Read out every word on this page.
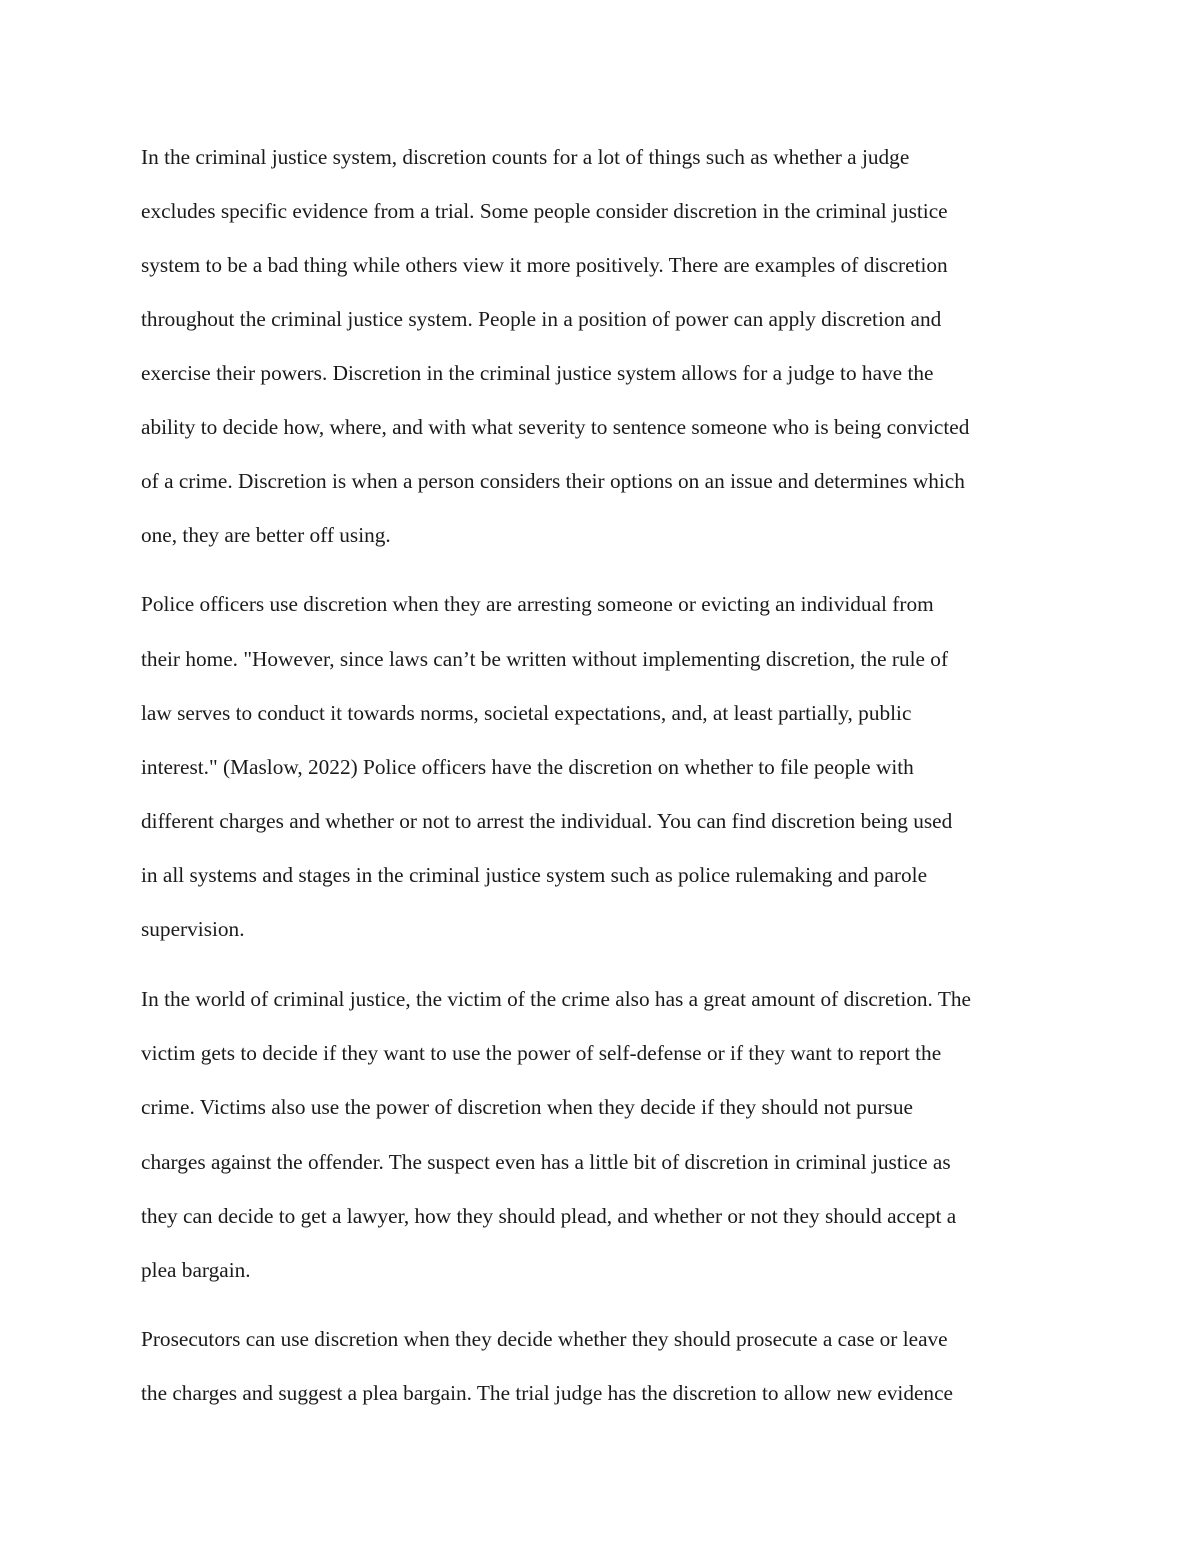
In the criminal justice system, discretion counts for a lot of things such as whether a judge

excludes specific evidence from a trial. Some people consider discretion in the criminal justice

system to be a bad thing while others view it more positively. There are examples of discretion

throughout the criminal justice system. People in a position of power can apply discretion and

exercise their powers. Discretion in the criminal justice system allows for a judge to have the

ability to decide how, where, and with what severity to sentence someone who is being convicted

of a crime. Discretion is when a person considers their options on an issue and determines which

one, they are better off using.

Police officers use discretion when they are arresting someone or evicting an individual from

their home. "However, since laws can’t be written without implementing discretion, the rule of

law serves to conduct it towards norms, societal expectations, and, at least partially, public

interest." (Maslow, 2022) Police officers have the discretion on whether to file people with

different charges and whether or not to arrest the individual. You can find discretion being used

in all systems and stages in the criminal justice system such as police rulemaking and parole

supervision.

In the world of criminal justice, the victim of the crime also has a great amount of discretion. The

victim gets to decide if they want to use the power of self-defense or if they want to report the

crime. Victims also use the power of discretion when they decide if they should not pursue

charges against the offender. The suspect even has a little bit of discretion in criminal justice as

they can decide to get a lawyer, how they should plead, and whether or not they should accept a

plea bargain.

Prosecutors can use discretion when they decide whether they should prosecute a case or leave

the charges and suggest a plea bargain. The trial judge has the discretion to allow new evidence
